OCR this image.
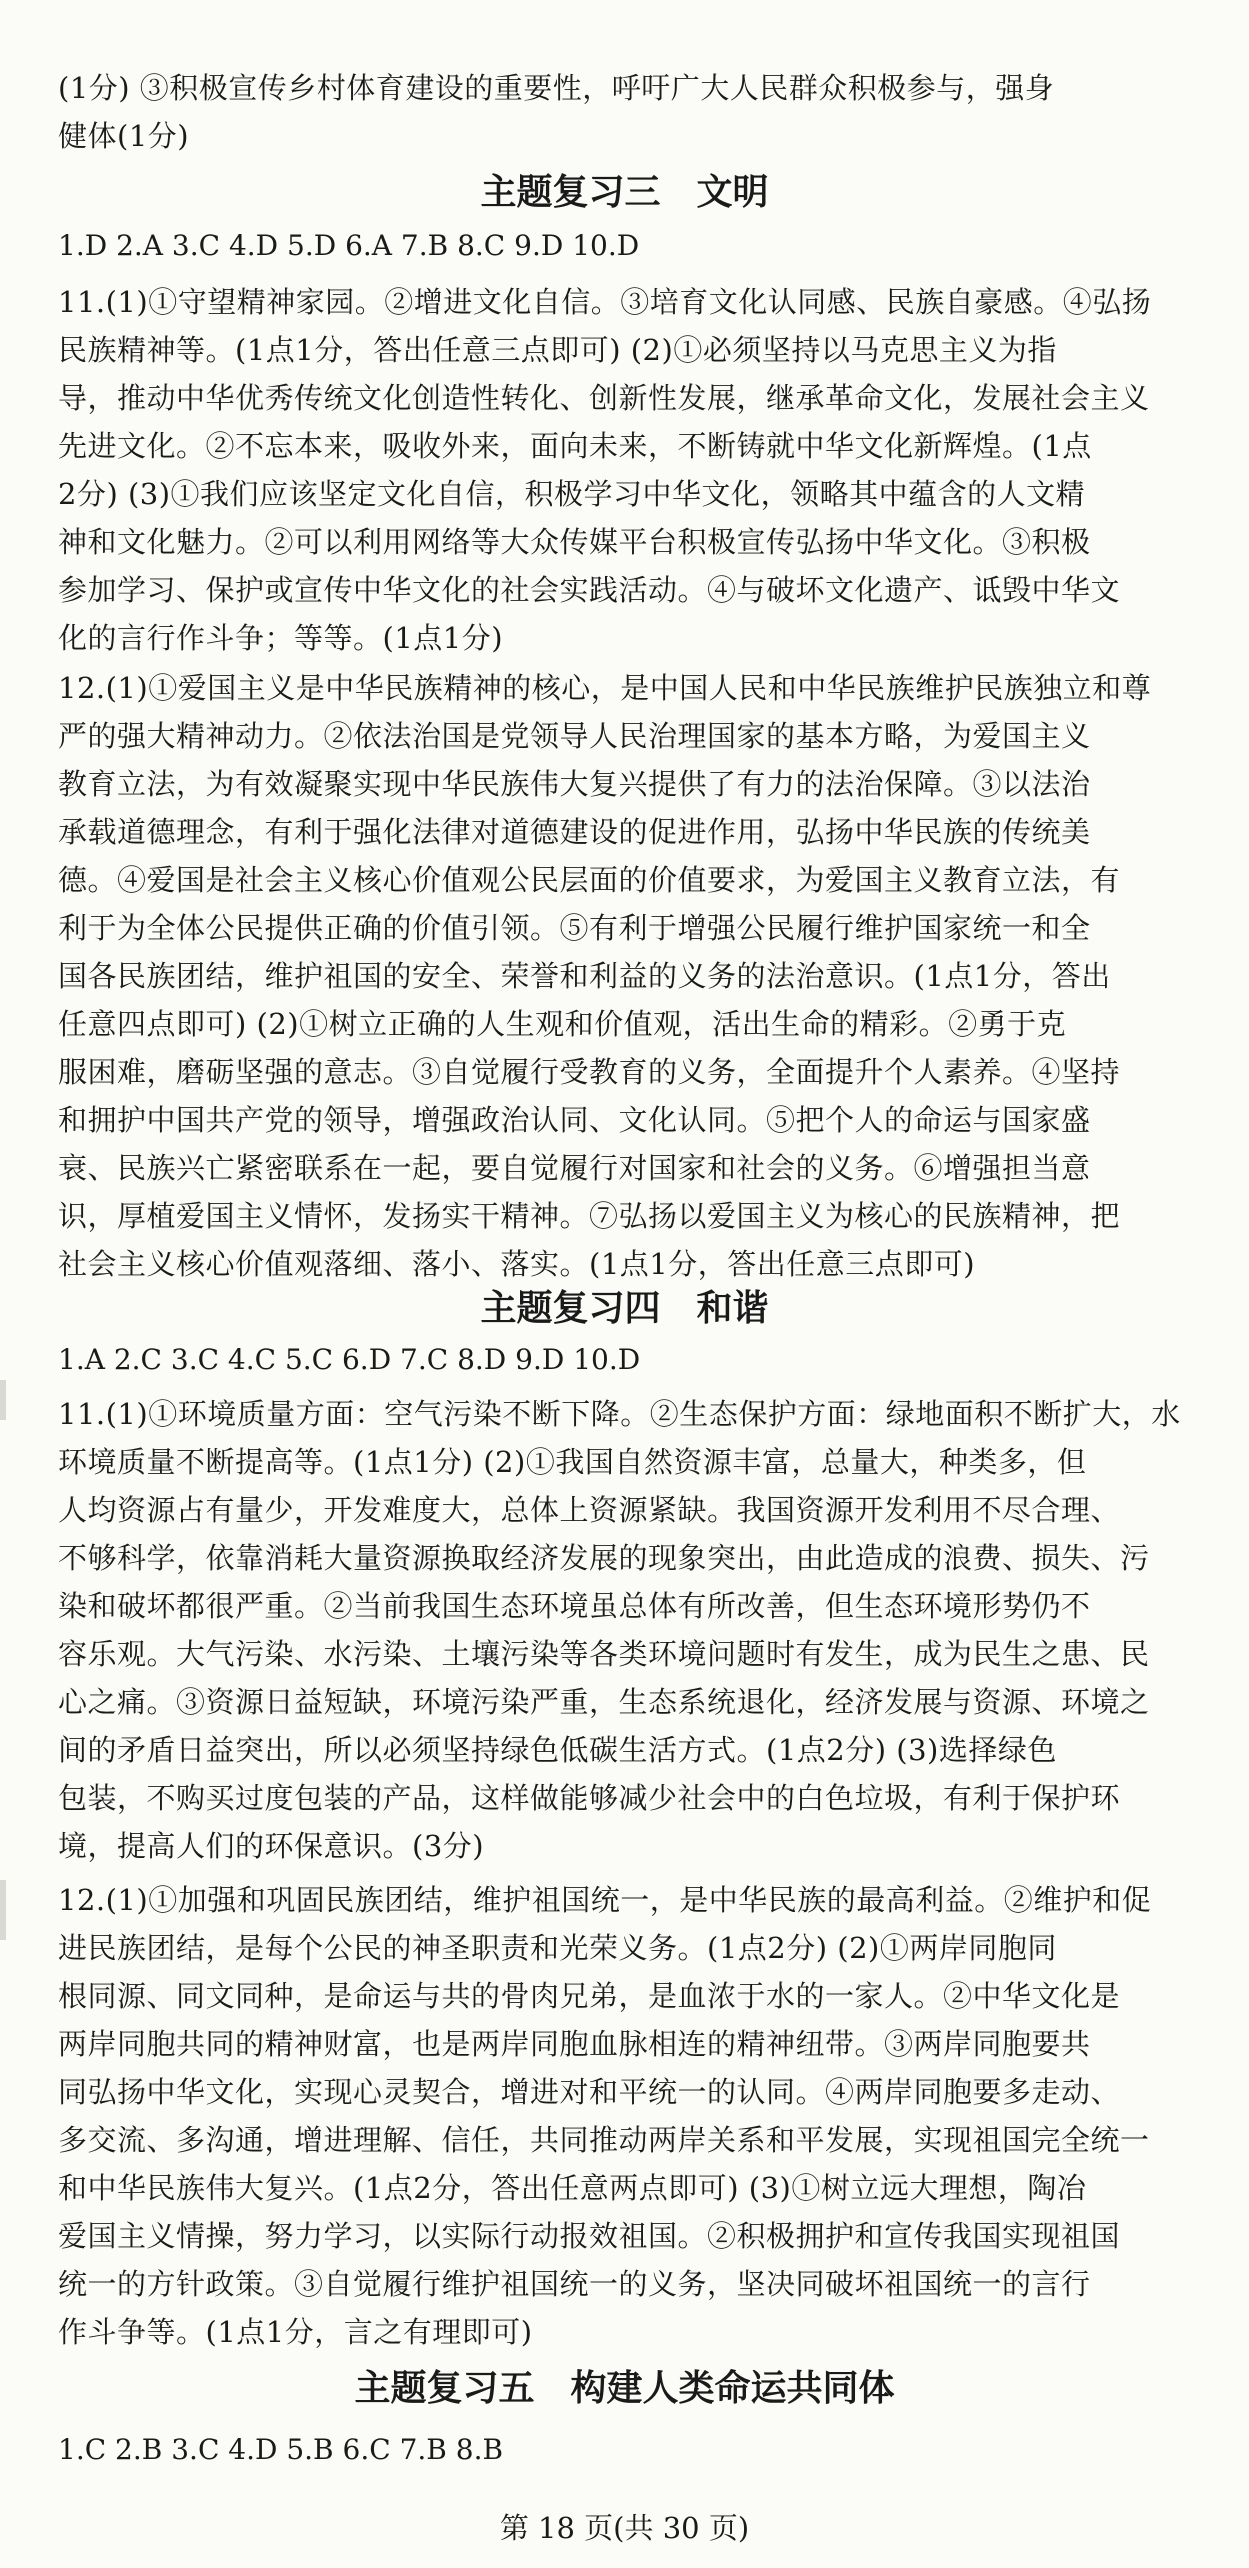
(1分) ③积极宣传乡村体育建设的重要性，呼吁广大人民群众积极参与，强身
健体(1分)
主题复习三　文明
1.D 2.A 3.C 4.D 5.D 6.A 7.B 8.C 9.D 10.D
11.(1)①守望精神家园。②增进文化自信。③培育文化认同感、民族自豪感。④弘扬
民族精神等。(1点1分，答出任意三点即可) (2)①必须坚持以马克思主义为指
导，推动中华优秀传统文化创造性转化、创新性发展，继承革命文化，发展社会主义
先进文化。②不忘本来，吸收外来，面向未来，不断铸就中华文化新辉煌。(1点
2分) (3)①我们应该坚定文化自信，积极学习中华文化，领略其中蕴含的人文精
神和文化魅力。②可以利用网络等大众传媒平台积极宣传弘扬中华文化。③积极
参加学习、保护或宣传中华文化的社会实践活动。④与破坏文化遗产、诋毁中华文
化的言行作斗争；等等。(1点1分)
12.(1)①爱国主义是中华民族精神的核心，是中国人民和中华民族维护民族独立和尊
严的强大精神动力。②依法治国是党领导人民治理国家的基本方略，为爱国主义
教育立法，为有效凝聚实现中华民族伟大复兴提供了有力的法治保障。③以法治
承载道德理念，有利于强化法律对道德建设的促进作用，弘扬中华民族的传统美
德。④爱国是社会主义核心价值观公民层面的价值要求，为爱国主义教育立法，有
利于为全体公民提供正确的价值引领。⑤有利于增强公民履行维护国家统一和全
国各民族团结，维护祖国的安全、荣誉和利益的义务的法治意识。(1点1分，答出
任意四点即可) (2)①树立正确的人生观和价值观，活出生命的精彩。②勇于克
服困难，磨砺坚强的意志。③自觉履行受教育的义务，全面提升个人素养。④坚持
和拥护中国共产党的领导，增强政治认同、文化认同。⑤把个人的命运与国家盛
衰、民族兴亡紧密联系在一起，要自觉履行对国家和社会的义务。⑥增强担当意
识，厚植爱国主义情怀，发扬实干精神。⑦弘扬以爱国主义为核心的民族精神，把
社会主义核心价值观落细、落小、落实。(1点1分，答出任意三点即可)
主题复习四　和谐
1.A 2.C 3.C 4.C 5.C 6.D 7.C 8.D 9.D 10.D
11.(1)①环境质量方面：空气污染不断下降。②生态保护方面：绿地面积不断扩大，水
环境质量不断提高等。(1点1分) (2)①我国自然资源丰富，总量大，种类多，但
人均资源占有量少，开发难度大，总体上资源紧缺。我国资源开发利用不尽合理、
不够科学，依靠消耗大量资源换取经济发展的现象突出，由此造成的浪费、损失、污
染和破坏都很严重。②当前我国生态环境虽总体有所改善，但生态环境形势仍不
容乐观。大气污染、水污染、土壤污染等各类环境问题时有发生，成为民生之患、民
心之痛。③资源日益短缺，环境污染严重，生态系统退化，经济发展与资源、环境之
间的矛盾日益突出，所以必须坚持绿色低碳生活方式。(1点2分) (3)选择绿色
包装，不购买过度包装的产品，这样做能够减少社会中的白色垃圾，有利于保护环
境，提高人们的环保意识。(3分)
12.(1)①加强和巩固民族团结，维护祖国统一，是中华民族的最高利益。②维护和促
进民族团结，是每个公民的神圣职责和光荣义务。(1点2分) (2)①两岸同胞同
根同源、同文同种，是命运与共的骨肉兄弟，是血浓于水的一家人。②中华文化是
两岸同胞共同的精神财富，也是两岸同胞血脉相连的精神纽带。③两岸同胞要共
同弘扬中华文化，实现心灵契合，增进对和平统一的认同。④两岸同胞要多走动、
多交流、多沟通，增进理解、信任，共同推动两岸关系和平发展，实现祖国完全统一
和中华民族伟大复兴。(1点2分，答出任意两点即可) (3)①树立远大理想，陶冶
爱国主义情操，努力学习，以实际行动报效祖国。②积极拥护和宣传我国实现祖国
统一的方针政策。③自觉履行维护祖国统一的义务，坚决同破坏祖国统一的言行
作斗争等。(1点1分，言之有理即可)
主题复习五　构建人类命运共同体
1.C 2.B 3.C 4.D 5.B 6.C 7.B 8.B
第 18 页(共 30 页)
